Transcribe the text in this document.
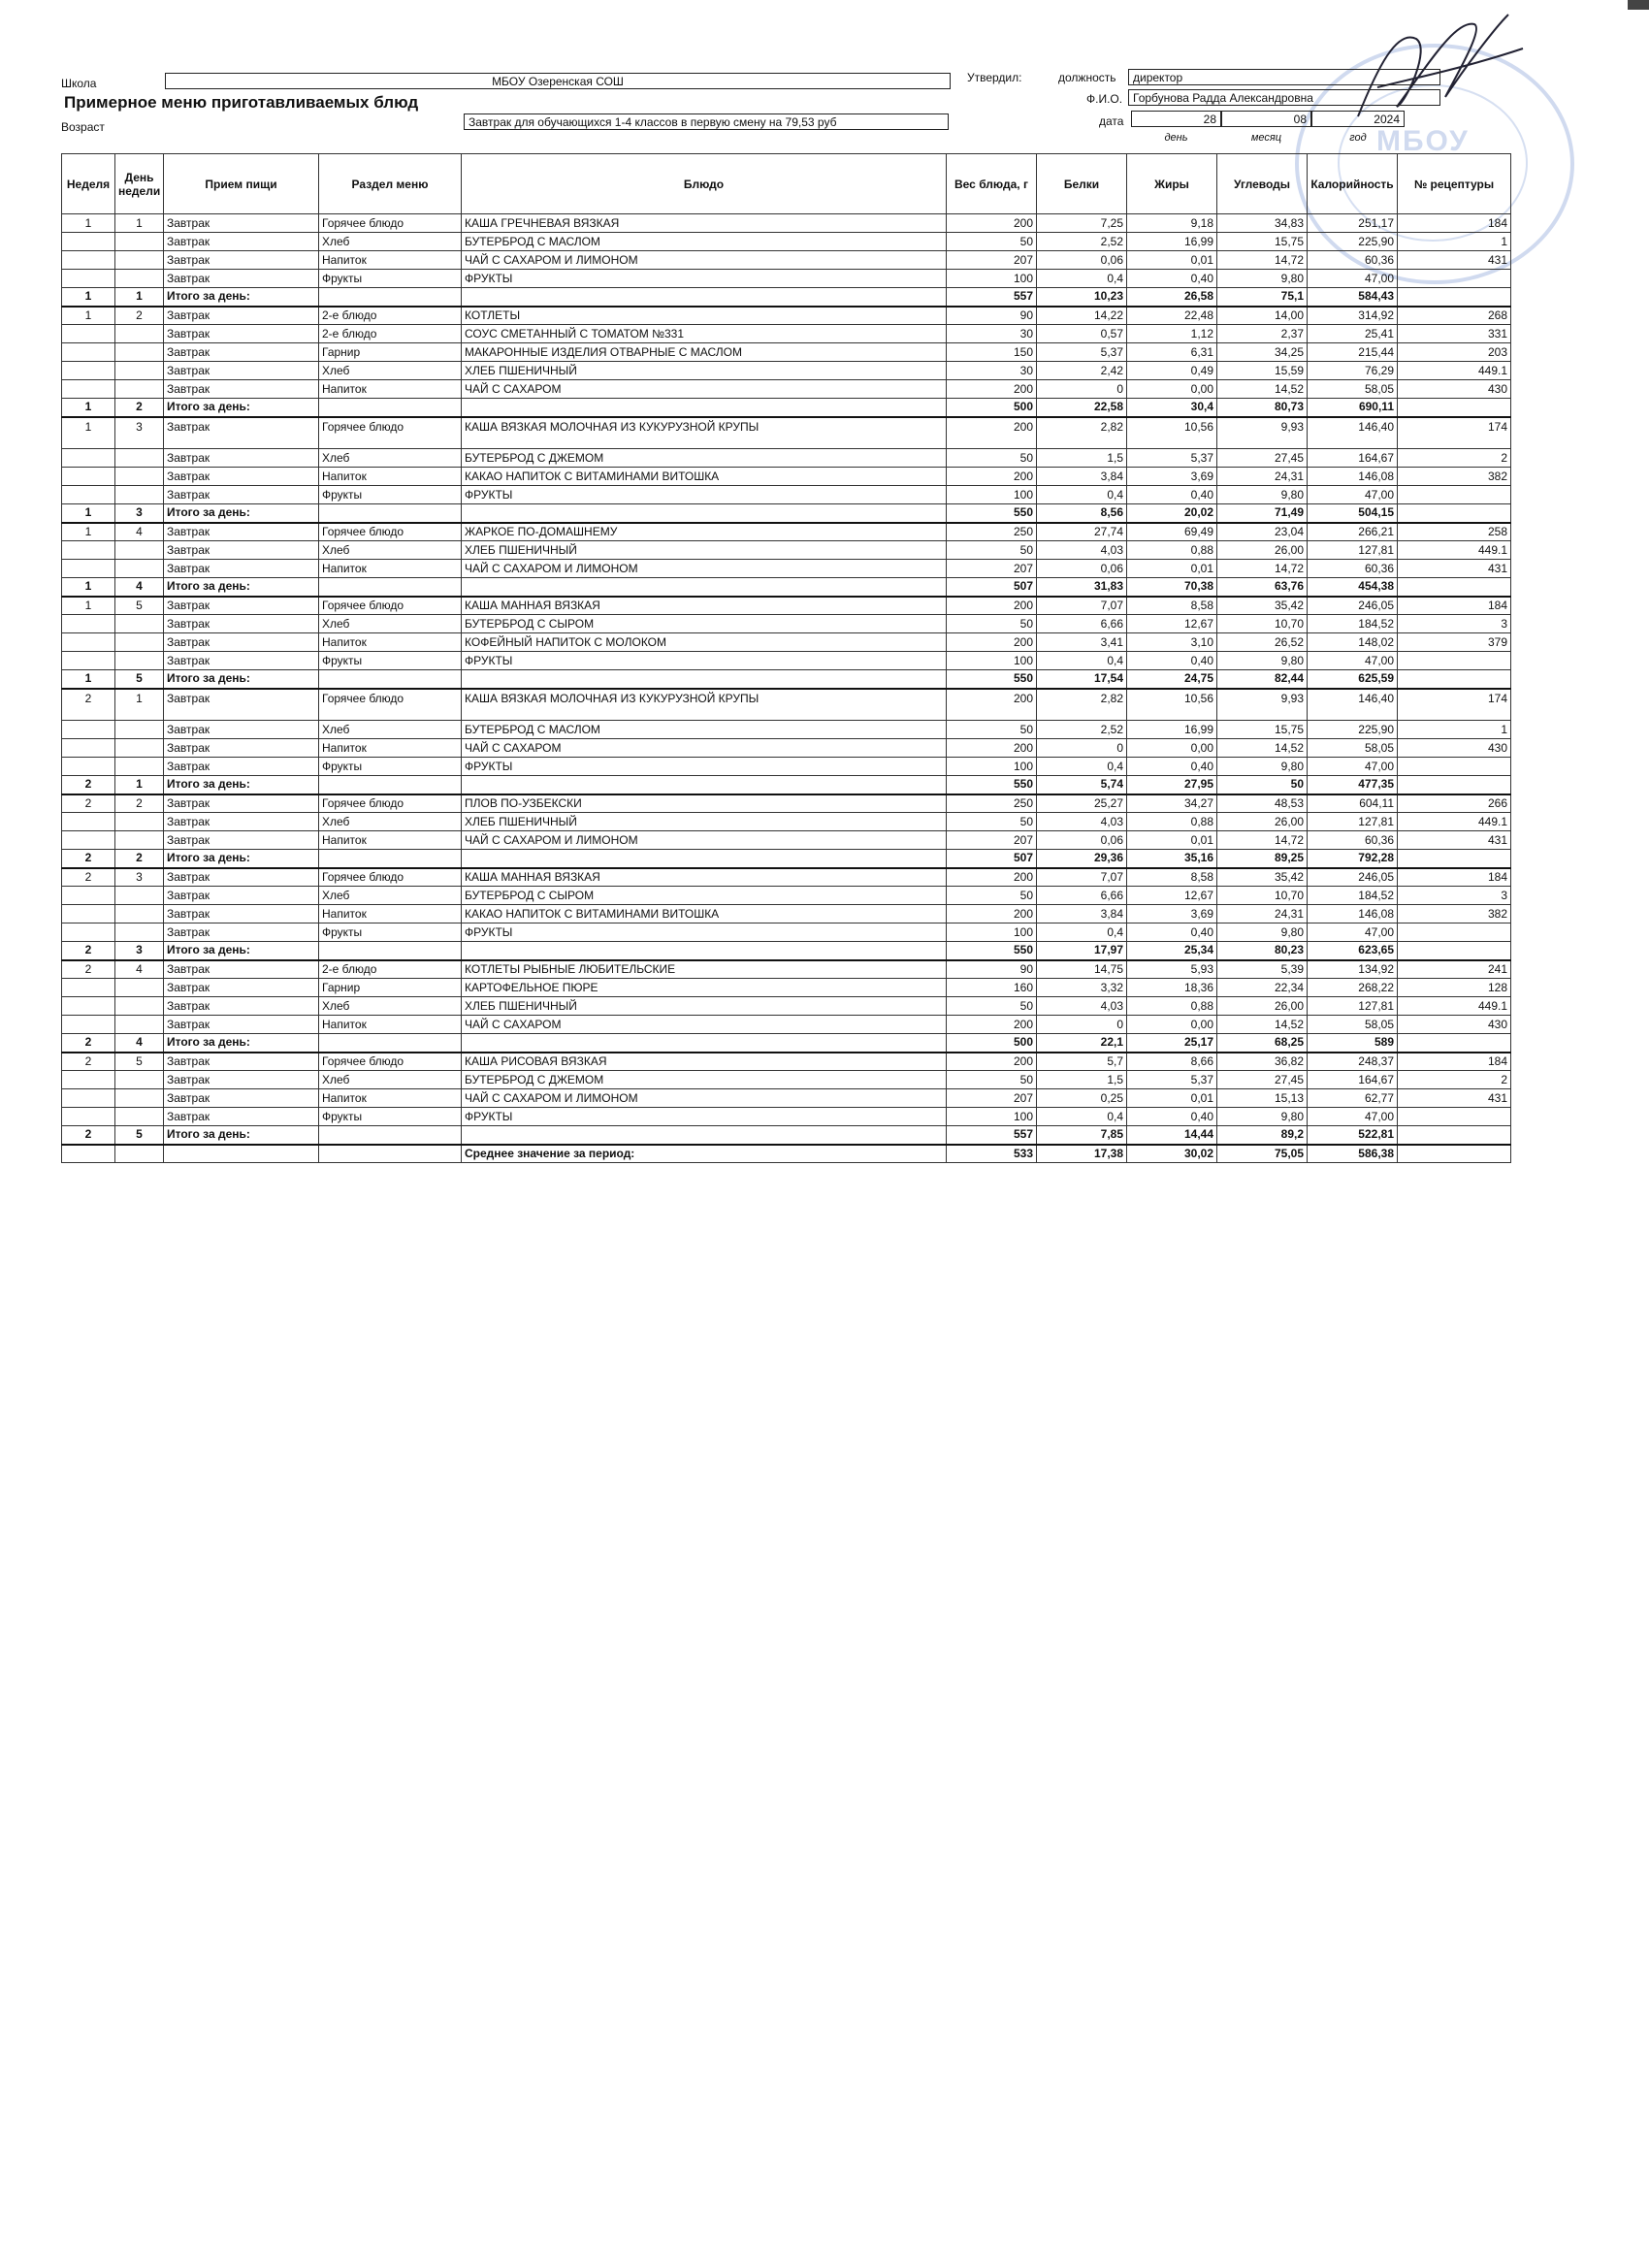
МБОУ
Школа	МБОУ Озеренская СОШ	Утвердил:	должность	директор
Ф.И.О. Горбунова Радда Александровна
Примерное меню приготавливаемых блюд
Возраст	Завтрак для обучающихся 1-4 классов в первую смену на 79,53 руб	дата	28	08	2024
день	месяц	год
Неделя	День недели	Прием пищи	Раздел меню	Блюдо	Вес блюда, г	Белки	Жиры	Углеводы	Калорийность	№ рецептуры
1	1	Завтрак	Горячее блюдо	КАША ГРЕЧНЕВАЯ ВЯЗКАЯ	200	7,25	9,18	34,83	251,17	184
		Завтрак	Хлеб	БУТЕРБРОД С МАСЛОМ	50	2,52	16,99	15,75	225,90	1
		Завтрак	Напиток	ЧАЙ С САХАРОМ И ЛИМОНОМ	207	0,06	0,01	14,72	60,36	431
		Завтрак	Фрукты	ФРУКТЫ	100	0,4	0,40	9,80	47,00	
1	1	Итого за день:			557	10,23	26,58	75,1	584,43	
1	2	Завтрак	2-е блюдо	КОТЛЕТЫ	90	14,22	22,48	14,00	314,92	268
		Завтрак	2-е блюдо	СОУС СМЕТАННЫЙ С ТОМАТОМ №331	30	0,57	1,12	2,37	25,41	331
		Завтрак	Гарнир	МАКАРОННЫЕ ИЗДЕЛИЯ ОТВАРНЫЕ С МАСЛОМ	150	5,37	6,31	34,25	215,44	203
		Завтрак	Хлеб	ХЛЕБ ПШЕНИЧНЫЙ	30	2,42	0,49	15,59	76,29	449.1
		Завтрак	Напиток	ЧАЙ С САХАРОМ	200	0	0,00	14,52	58,05	430
1	2	Итого за день:			500	22,58	30,4	80,73	690,11	
1	3	Завтрак	Горячее блюдо	КАША ВЯЗКАЯ МОЛОЧНАЯ ИЗ КУКУРУЗНОЙ КРУПЫ	200	2,82	10,56	9,93	146,40	174
		Завтрак	Хлеб	БУТЕРБРОД С ДЖЕМОМ	50	1,5	5,37	27,45	164,67	2
		Завтрак	Напиток	КАКАО НАПИТОК С ВИТАМИНАМИ ВИТОШКА	200	3,84	3,69	24,31	146,08	382
		Завтрак	Фрукты	ФРУКТЫ	100	0,4	0,40	9,80	47,00	
1	3	Итого за день:			550	8,56	20,02	71,49	504,15	
1	4	Завтрак	Горячее блюдо	ЖАРКОЕ ПО-ДОМАШНЕМУ	250	27,74	69,49	23,04	266,21	258
		Завтрак	Хлеб	ХЛЕБ ПШЕНИЧНЫЙ	50	4,03	0,88	26,00	127,81	449.1
		Завтрак	Напиток	ЧАЙ С САХАРОМ И ЛИМОНОМ	207	0,06	0,01	14,72	60,36	431
1	4	Итого за день:			507	31,83	70,38	63,76	454,38	
1	5	Завтрак	Горячее блюдо	КАША МАННАЯ ВЯЗКАЯ	200	7,07	8,58	35,42	246,05	184
		Завтрак	Хлеб	БУТЕРБРОД С СЫРОМ	50	6,66	12,67	10,70	184,52	3
		Завтрак	Напиток	КОФЕЙНЫЙ НАПИТОК С МОЛОКОМ	200	3,41	3,10	26,52	148,02	379
		Завтрак	Фрукты	ФРУКТЫ	100	0,4	0,40	9,80	47,00	
1	5	Итого за день:			550	17,54	24,75	82,44	625,59	
2	1	Завтрак	Горячее блюдо	КАША ВЯЗКАЯ МОЛОЧНАЯ ИЗ КУКУРУЗНОЙ КРУПЫ	200	2,82	10,56	9,93	146,40	174
		Завтрак	Хлеб	БУТЕРБРОД С МАСЛОМ	50	2,52	16,99	15,75	225,90	1
		Завтрак	Напиток	ЧАЙ С САХАРОМ	200	0	0,00	14,52	58,05	430
		Завтрак	Фрукты	ФРУКТЫ	100	0,4	0,40	9,80	47,00	
2	1	Итого за день:			550	5,74	27,95	50	477,35	
2	2	Завтрак	Горячее блюдо	ПЛОВ ПО-УЗБЕКСКИ	250	25,27	34,27	48,53	604,11	266
		Завтрак	Хлеб	ХЛЕБ ПШЕНИЧНЫЙ	50	4,03	0,88	26,00	127,81	449.1
		Завтрак	Напиток	ЧАЙ С САХАРОМ И ЛИМОНОМ	207	0,06	0,01	14,72	60,36	431
2	2	Итого за день:			507	29,36	35,16	89,25	792,28	
2	3	Завтрак	Горячее блюдо	КАША МАННАЯ ВЯЗКАЯ	200	7,07	8,58	35,42	246,05	184
		Завтрак	Хлеб	БУТЕРБРОД С СЫРОМ	50	6,66	12,67	10,70	184,52	3
		Завтрак	Напиток	КАКАО НАПИТОК С ВИТАМИНАМИ ВИТОШКА	200	3,84	3,69	24,31	146,08	382
		Завтрак	Фрукты	ФРУКТЫ	100	0,4	0,40	9,80	47,00	
2	3	Итого за день:			550	17,97	25,34	80,23	623,65	
2	4	Завтрак	2-е блюдо	КОТЛЕТЫ РЫБНЫЕ ЛЮБИТЕЛЬСКИЕ	90	14,75	5,93	5,39	134,92	241
		Завтрак	Гарнир	КАРТОФЕЛЬНОЕ ПЮРЕ	160	3,32	18,36	22,34	268,22	128
		Завтрак	Хлеб	ХЛЕБ ПШЕНИЧНЫЙ	50	4,03	0,88	26,00	127,81	449.1
		Завтрак	Напиток	ЧАЙ С САХАРОМ	200	0	0,00	14,52	58,05	430
2	4	Итого за день:			500	22,1	25,17	68,25	589	
2	5	Завтрак	Горячее блюдо	КАША РИСОВАЯ ВЯЗКАЯ	200	5,7	8,66	36,82	248,37	184
		Завтрак	Хлеб	БУТЕРБРОД С ДЖЕМОМ	50	1,5	5,37	27,45	164,67	2
		Завтрак	Напиток	ЧАЙ С САХАРОМ И ЛИМОНОМ	207	0,25	0,01	15,13	62,77	431
		Завтрак	Фрукты	ФРУКТЫ	100	0,4	0,40	9,80	47,00	
2	5	Итого за день:			557	7,85	14,44	89,2	522,81	
				Среднее значение за период:	533	17,38	30,02	75,05	586,38	
